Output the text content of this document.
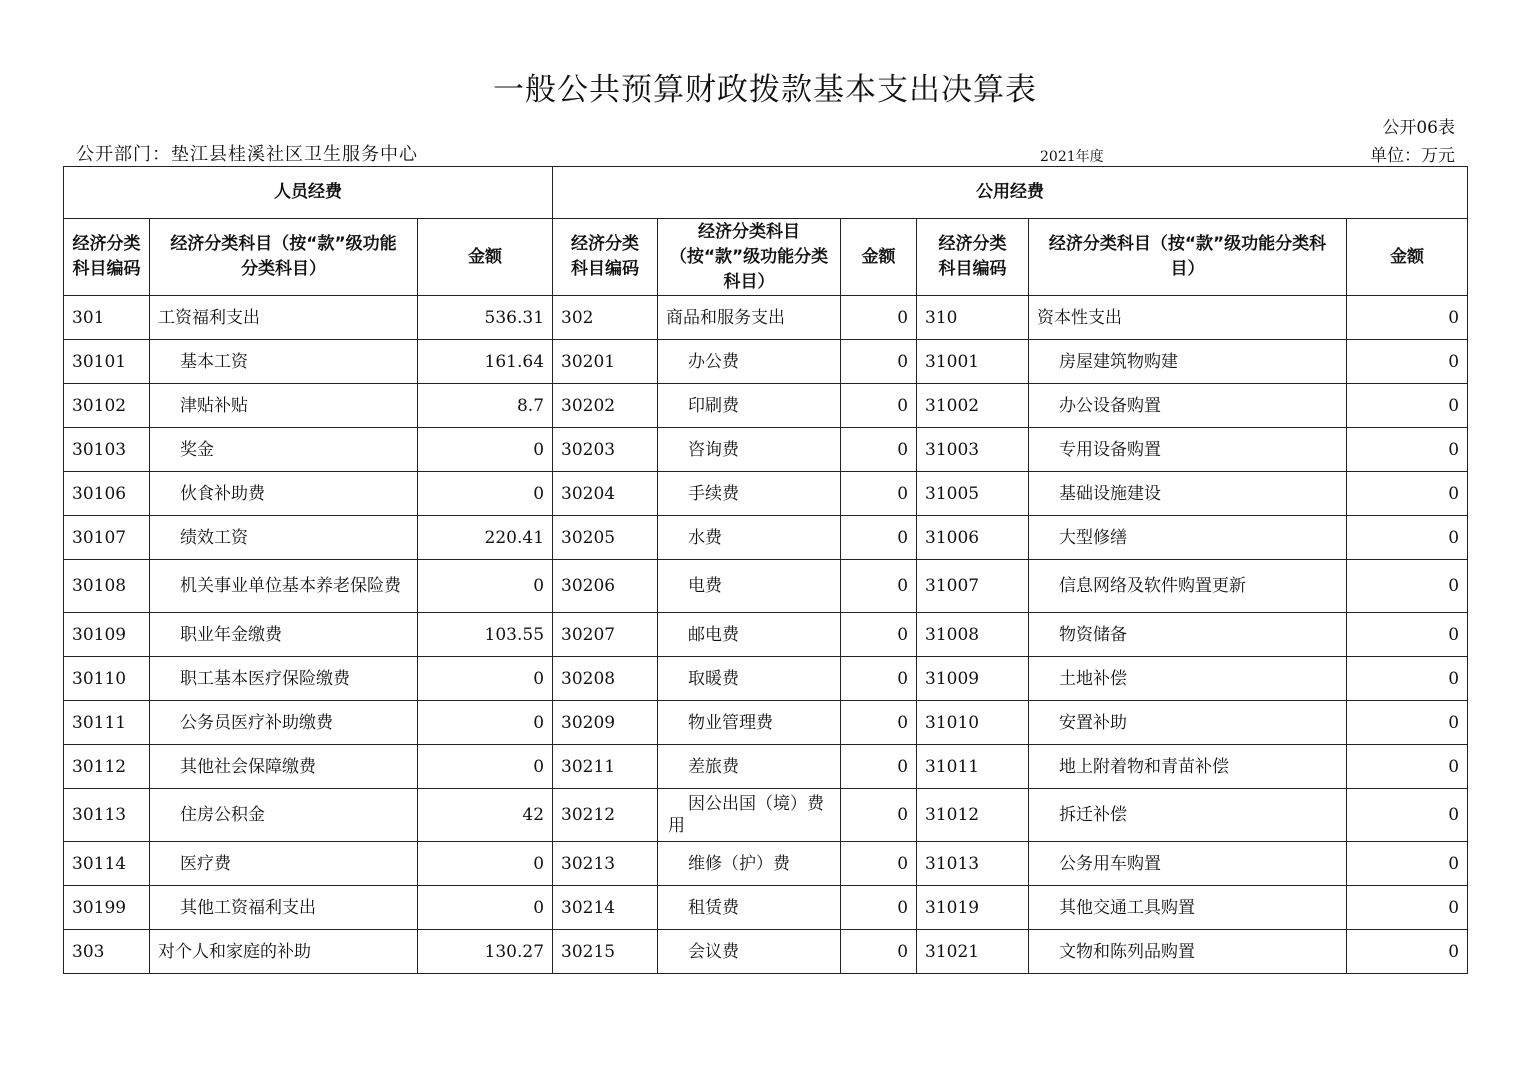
一般公共预算财政拨款基本支出决算表
公开06表
公开部门：垫江县桂溪社区卫生服务中心	2021年度	单位：万元
人员经费			公用经费					
经济分类科目编码	经济分类科目（按“款”级功能分类科目）	金额	经济分类科目编码	经济分类科目（按“款”级功能分类科目）	金额	经济分类科目编码	经济分类科目（按“款”级功能分类科目）	金额
301	工资福利支出	536.31	302	商品和服务支出	0	310	资本性支出	0
30101	基本工资	161.64	30201	办公费	0	31001	房屋建筑物购建	0
30102	津贴补贴	8.7	30202	印刷费	0	31002	办公设备购置	0
30103	奖金	0	30203	咨询费	0	31003	专用设备购置	0
30106	伙食补助费	0	30204	手续费	0	31005	基础设施建设	0
30107	绩效工资	220.41	30205	水费	0	31006	大型修缮	0
30108	机关事业单位基本养老保险费	0	30206	电费	0	31007	信息网络及软件购置更新	0
30109	职业年金缴费	103.55	30207	邮电费	0	31008	物资储备	0
30110	职工基本医疗保险缴费	0	30208	取暖费	0	31009	土地补偿	0
30111	公务员医疗补助缴费	0	30209	物业管理费	0	31010	安置补助	0
30112	其他社会保障缴费	0	30211	差旅费	0	31011	地上附着物和青苗补偿	0
30113	住房公积金	42	30212	因公出国（境）费用	0	31012	拆迁补偿	0
30114	医疗费	0	30213	维修（护）费	0	31013	公务用车购置	0
30199	其他工资福利支出	0	30214	租赁费	0	31019	其他交通工具购置	0
303	对个人和家庭的补助	130.27	30215	会议费	0	31021	文物和陈列品购置	0
